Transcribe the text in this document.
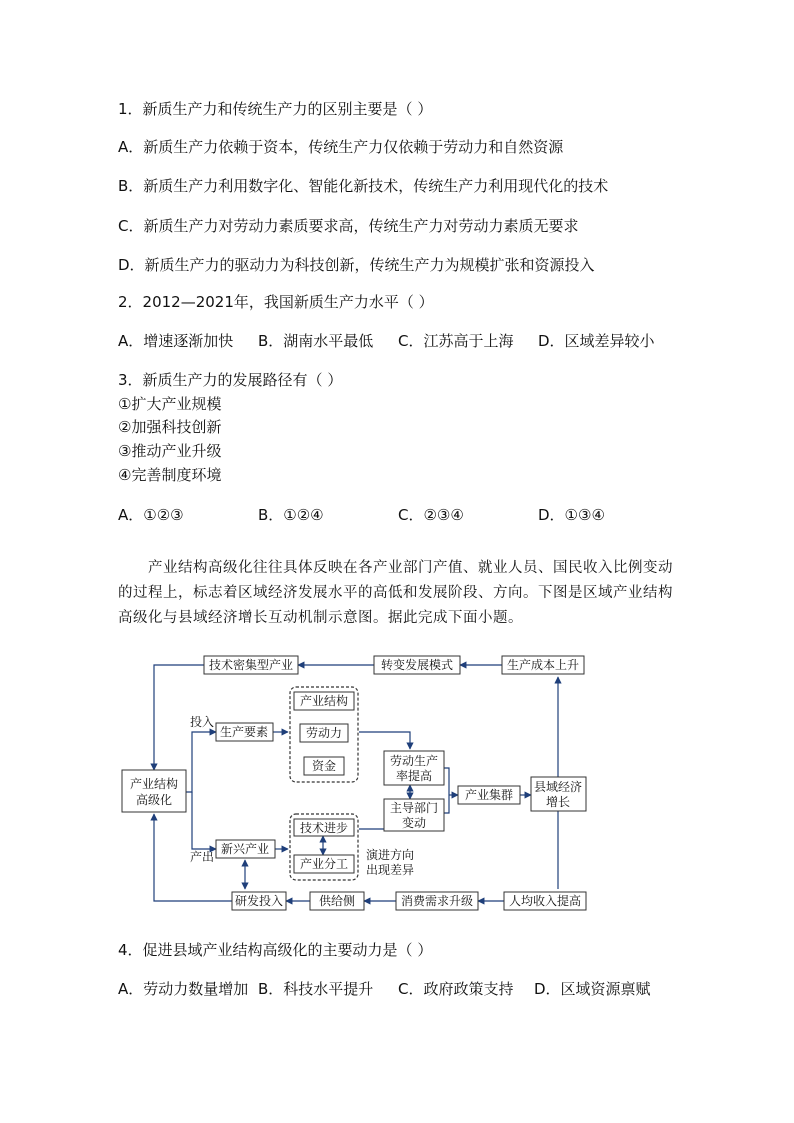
1．新质生产力和传统生产力的区别主要是（ ）
A．新质生产力依赖于资本，传统生产力仅依赖于劳动力和自然资源
B．新质生产力利用数字化、智能化新技术，传统生产力利用现代化的技术
C．新质生产力对劳动力素质要求高，传统生产力对劳动力素质无要求
D．新质生产力的驱动力为科技创新，传统生产力为规模扩张和资源投入
2．2012—2021年，我国新质生产力水平（ ）
A．增速逐渐加快 B．湖南水平最低 C．江苏高于上海 D．区域差异较小
3．新质生产力的发展路径有（ ）
①扩大产业规模
②加强科技创新
③推动产业升级
④完善制度环境
A．①②③	B．①②④	C．②③④	D．①③④

产业结构高级化往往具体反映在各产业部门产值、就业人员、国民收入比例变动的过程上，标志着区域经济发展水平的高低和发展阶段、方向。下图是区域产业结构高级化与县域经济增长互动机制示意图。据此完成下面小题。

技术密集型产业	转变发展模式	生产成本上升
生产要素
产业结构
劳动力
资金
产业结构
高级化
劳动生产
率提高
主导部门
变动
产业集群
县域经济
增长
新兴产业
技术进步
产业分工
研发投入	供给侧	消费需求升级	人均收入提高
投入
产出	演进方向
出现差异
4．促进县域产业结构高级化的主要动力是（ ）
A．劳动力数量增加 B．科技水平提升 C．政府政策支持 D．区域资源禀赋
